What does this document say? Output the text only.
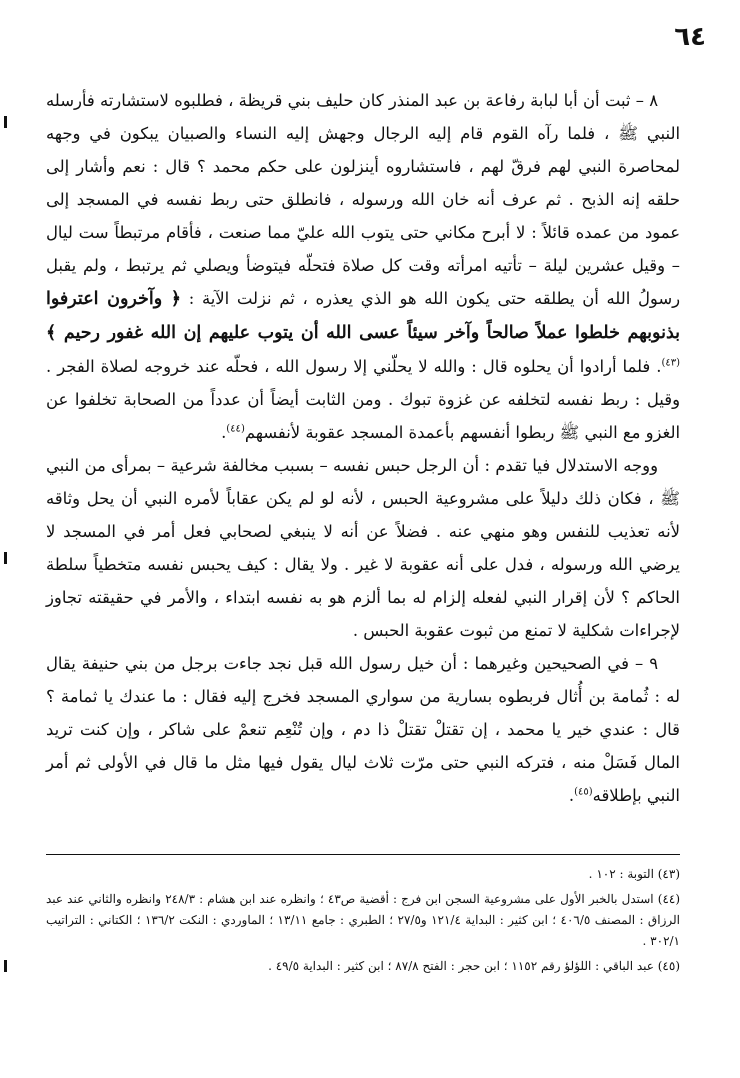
٦٤

٨ – ثبت أن أبا لبابة رفاعة بن عبد المنذر كان حليف بني قريظة ، فطلبوه لاستشارته فأرسله النبي ﷺ ، فلما رآه القوم قام إليه الرجال وجهش إليه النساء والصبيان يبكون في وجهه لمحاصرة النبي لهم فرقّ لهم ، فاستشاروه أينزلون على حكم محمد ؟ قال : نعم وأشار إلى حلقه إنه الذبح . ثم عرف أنه خان الله ورسوله ، فانطلق حتى ربط نفسه في المسجد إلى عمود من عمده قائلاً : لا أبرح مكاني حتى يتوب الله عليّ مما صنعت ، فأقام مرتبطاً ست ليال – وقيل عشرين ليلة – تأتيه امرأته وقت كل صلاة فتحلّه فيتوضأ ويصلي ثم يرتبط ، ولم يقبل رسولُ الله أن يطلقه حتى يكون الله هو الذي يعذره ، ثم نزلت الآية : ﴿ وآخرون اعترفوا بذنوبهم خلطوا عملاً صالحاً وآخر سيئاً عسى الله أن يتوب عليهم إن الله غفور رحيم ﴾$^{(٤٣)}$. فلما أرادوا أن يحلوه قال : والله لا يحلّني إلا رسول الله ، فحلّه عند خروجه لصلاة الفجر . وقيل : ربط نفسه لتخلفه عن غزوة تبوك . ومن الثابت أيضاً أن عدداً من الصحابة تخلفوا عن الغزو مع النبي ﷺ ربطوا أنفسهم بأعمدة المسجد عقوبة لأنفسهم$^{(٤٤)}$.

ووجه الاستدلال فيا تقدم : أن الرجل حبس نفسه – بسبب مخالفة شرعية – بمرأى من النبي ﷺ ، فكان ذلك دليلاً على مشروعية الحبس ، لأنه لو لم يكن عقاباً لأمره النبي أن يحل وثاقه لأنه تعذيب للنفس وهو منهي عنه . فضلاً عن أنه لا ينبغي لصحابي فعل أمر في المسجد لا يرضي الله ورسوله ، فدل على أنه عقوبة لا غير . ولا يقال : كيف يحبس نفسه متخطياً سلطة الحاكم ؟ لأن إقرار النبي لفعله إلزام له بما ألزم هو به نفسه ابتداء ، والأمر في حقيقته تجاوز لإجراءات شكلية لا تمنع من ثبوت عقوبة الحبس .

٩ – في الصحيحين وغيرهما : أن خيل رسول الله قبل نجد جاءت برجل من بني حنيفة يقال له : ثُمامة بن أُثال فربطوه بسارية من سواري المسجد فخرج إليه فقال : ما عندك يا ثمامة ؟ قال : عندي خير يا محمد ، إن تقتلْ تقتلْ ذا دم ، وإن تُنْعِم تنعمْ على شاكر ، وإن كنت تريد المال فَسَلْ منه ، فتركه النبي حتى مرّت ثلاث ليال يقول فيها مثل ما قال في الأولى ثم أمر النبي بإطلاقه$^{(٤٥)}$.

(٤٣) التوبة : ١٠٢ .

(٤٤) استدل بالخبر الأول على مشروعية السجن ابن فرج : أقضية ص٤٣ ؛ وانظره عند ابن هشام : ٢٤٨/٣ وانظره والثاني عند عبد الرزاق : المصنف ٤٠٦/٥ ؛ ابن كثير : البداية ١٢١/٤ و٢٧/٥ ؛ الطبري : جامع ١٣/١١ ؛ الماوردي : النكت ١٣٦/٢ ؛ الكتاني : التراتيب ٣٠٢/١ .

(٤٥) عبد الباقي : اللؤلؤ رقم ١١٥٢ ؛ ابن حجر : الفتح ٨٧/٨ ؛ ابن كثير : البداية ٤٩/٥ .
